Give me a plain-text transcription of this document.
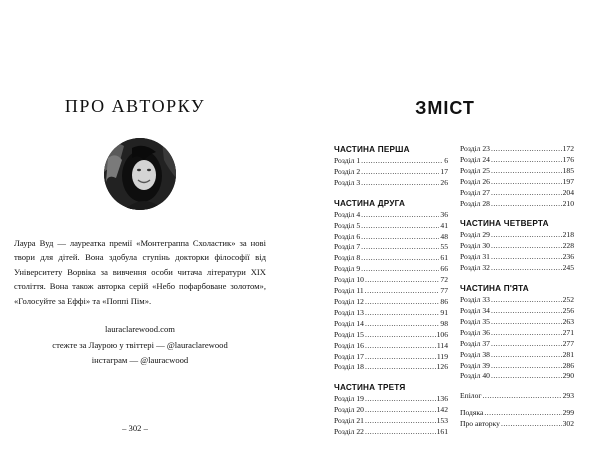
ПРО АВТОРКУ

Лаура Вуд — лауреатка премії «Монтеграппа Схоластик» за нові твори для дітей. Вона здобула ступінь докторки філософії від Університету Ворвіка за вивчення особи читача літератури XIX століття. Вона також авторка серій «Небо пофарбоване золотом», «Голосуйте за Еффі» та «Поппі Пім».

laurаclarewood.com
стежте за Лаурою у твіттері — @lauraclarewood
інстаграм — @lauracwood
– 302 –
ЗМІСТ
ЧАСТИНА ПЕРША
Розділ 1 .....	6
Розділ 2 .....	17
Розділ 3 .....	26
ЧАСТИНА ДРУГА
Розділ 4 .....	36
Розділ 5 .....	41
Розділ 6 .....	48
Розділ 7 .....	55
Розділ 8 .....	61
Розділ 9 .....	66
Розділ 10 .....	72
Розділ 11 .....	77
Розділ 12 .....	86
Розділ 13 .....	91
Розділ 14 .....	98
Розділ 15 .....	106
Розділ 16 .....	114
Розділ 17 .....	119
Розділ 18 .....	126
ЧАСТИНА ТРЕТЯ
Розділ 19 .....	136
Розділ 20 .....	142
Розділ 21 .....	153
Розділ 22 .....	161
Розділ 23 .....	172
Розділ 24 .....	176
Розділ 25 .....	185
Розділ 26 .....	197
Розділ 27 .....	204
Розділ 28 .....	210
ЧАСТИНА ЧЕТВЕРТА
Розділ 29 .....	218
Розділ 30 .....	228
Розділ 31 .....	236
Розділ 32 .....	245
ЧАСТИНА П'ЯТА
Розділ 33 .....	252
Розділ 34 .....	256
Розділ 35 .....	263
Розділ 36 .....	271
Розділ 37 .....	277
Розділ 38 .....	281
Розділ 39 .....	286
Розділ 40 .....	290
Епілог .....	293
Подяка .....	299
Про авторку .....	302
